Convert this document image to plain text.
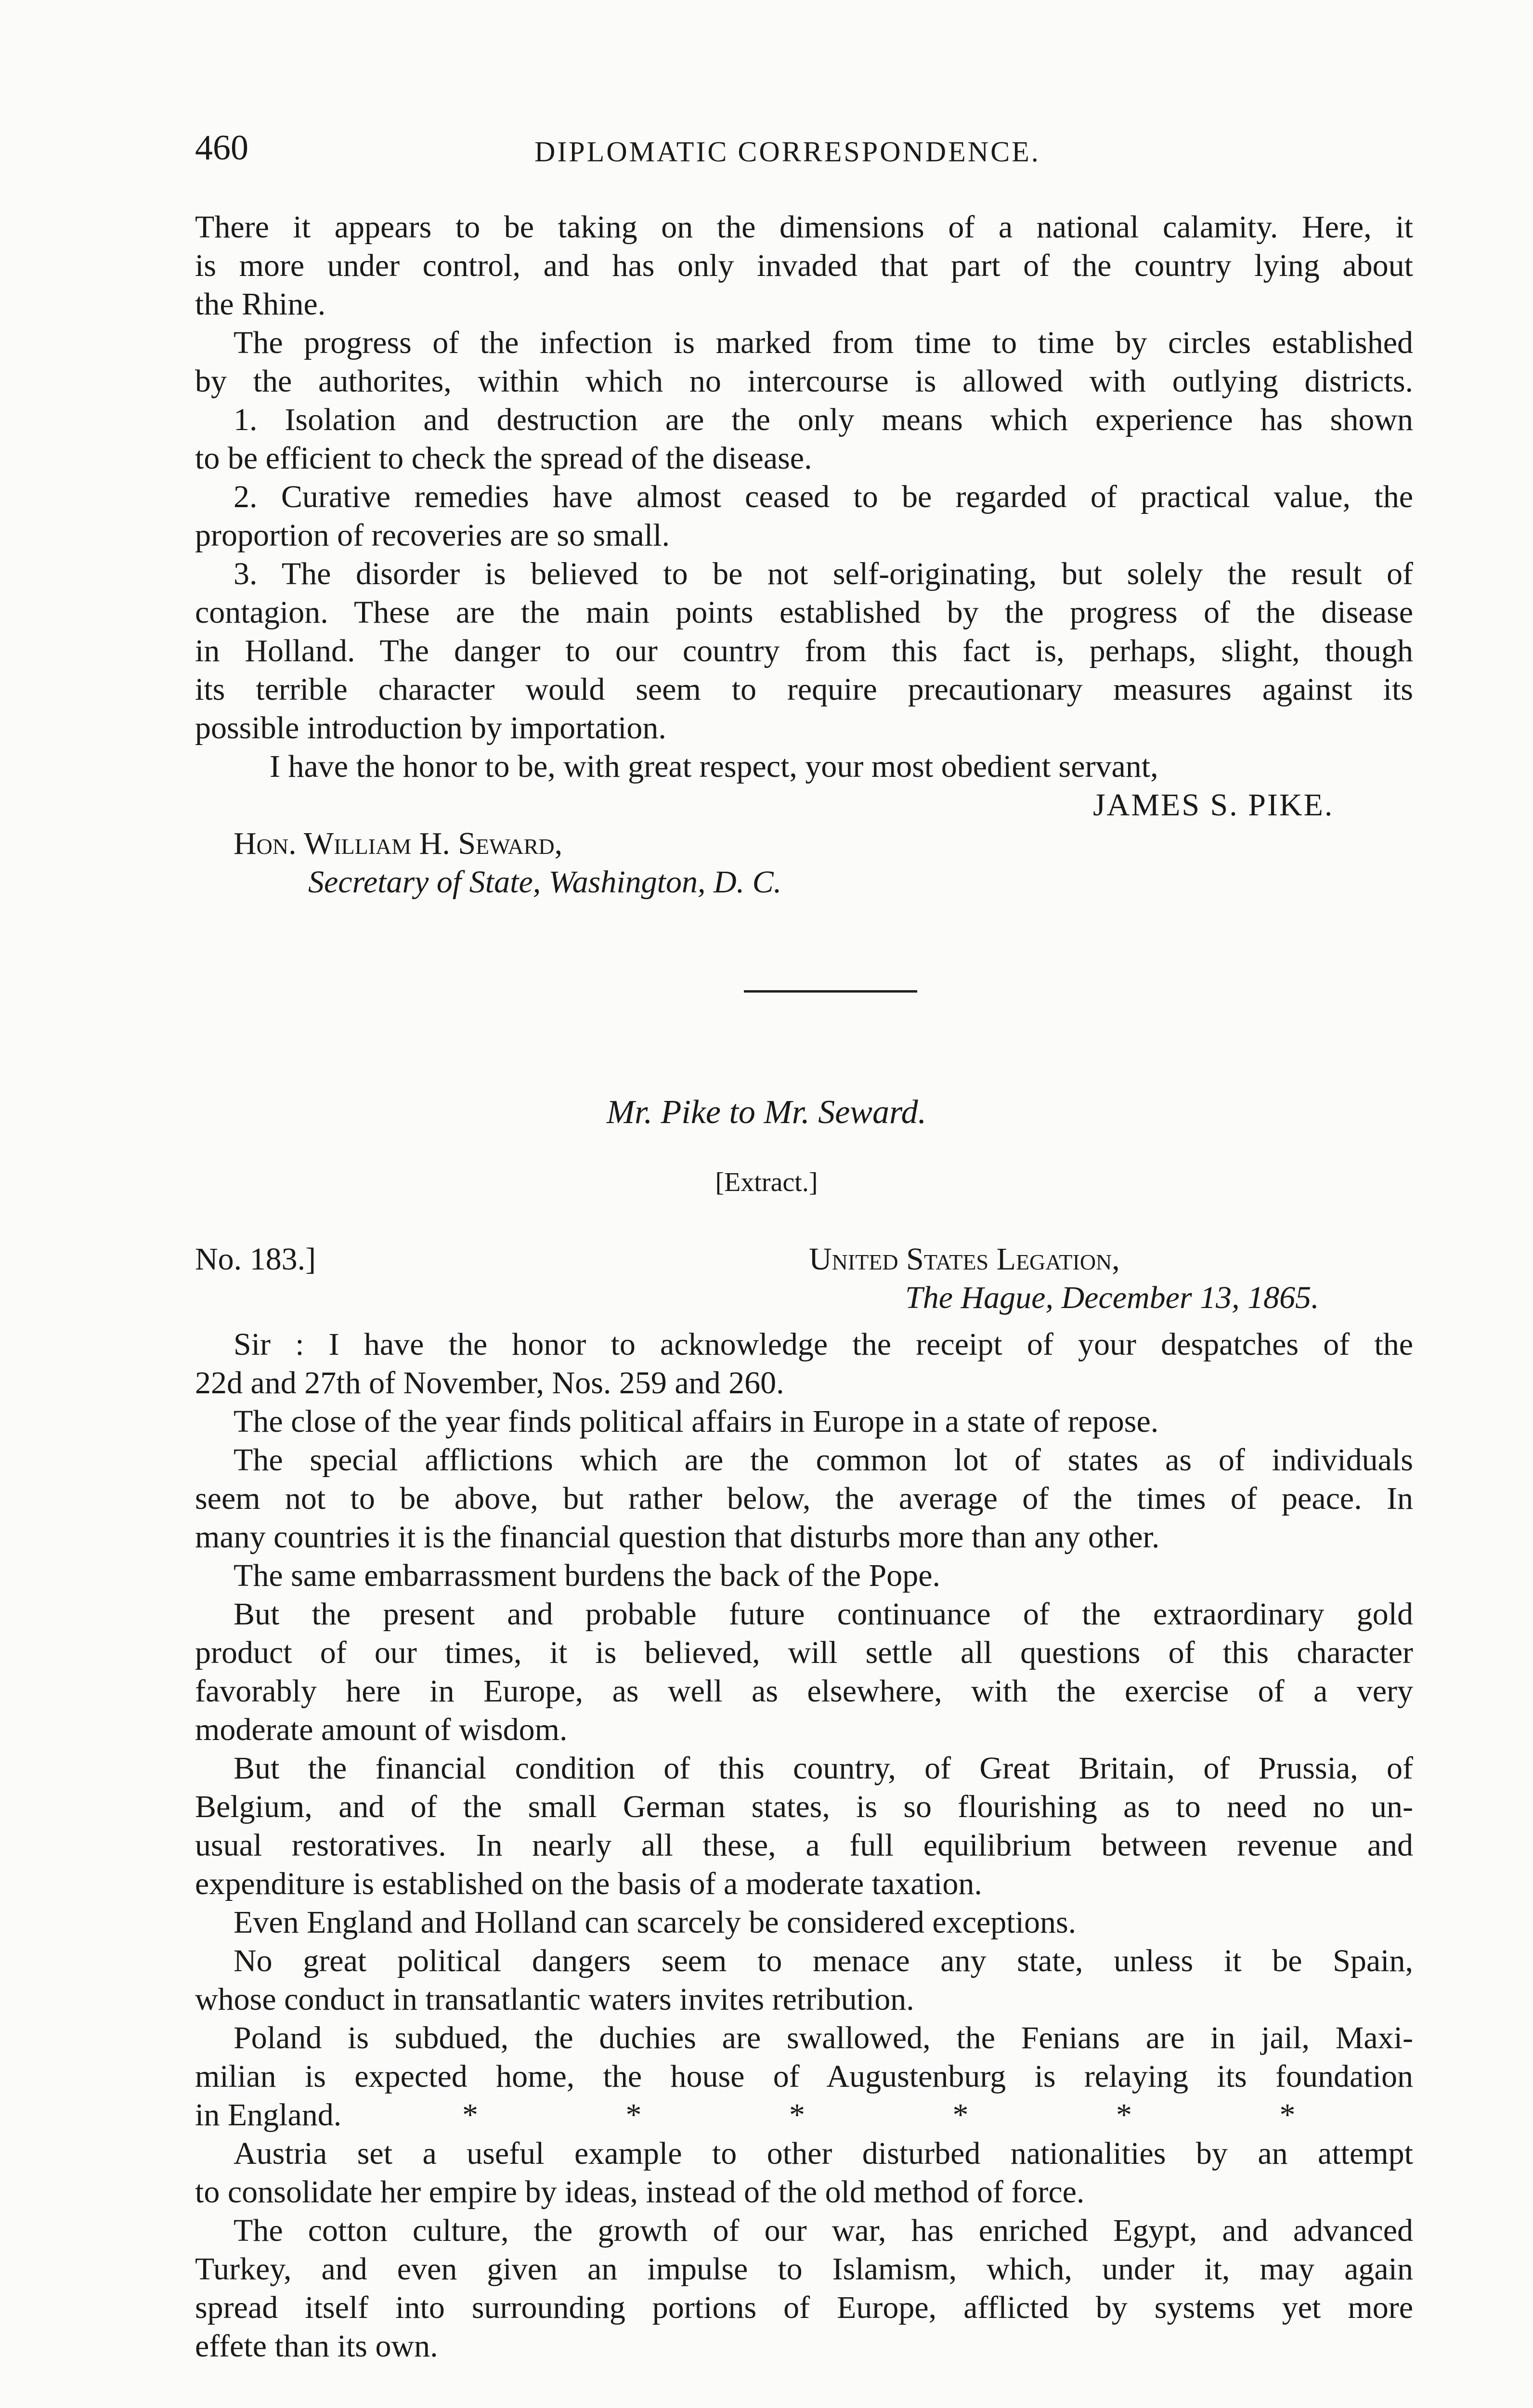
460	DIPLOMATIC CORRESPONDENCE.
There it appears to be taking on the dimensions of a national calamity. Here, it
is more under control, and has only invaded that part of the country lying about
the Rhine.
The progress of the infection is marked from time to time by circles established
by the authorites, within which no intercourse is allowed with outlying districts.
1. Isolation and destruction are the only means which experience has shown
to be efficient to check the spread of the disease.
2. Curative remedies have almost ceased to be regarded of practical value, the
proportion of recoveries are so small.
3. The disorder is believed to be not self-originating, but solely the result of
contagion. These are the main points established by the progress of the disease
in Holland. The danger to our country from this fact is, perhaps, slight, though
its terrible character would seem to require precautionary measures against its
possible introduction by importation.
I have the honor to be, with great respect, your most obedient servant,
JAMES S. PIKE.
Hon. William H. Seward,
Secretary of State, Washington, D. C.
Mr. Pike to Mr. Seward.
[Extract.]
No. 183.]	United States Legation,
The Hague, December 13, 1865.
Sir : I have the honor to acknowledge the receipt of your despatches of the
22d and 27th of November, Nos. 259 and 260.
The close of the year finds political affairs in Europe in a state of repose.
The special afflictions which are the common lot of states as of individuals
seem not to be above, but rather below, the average of the times of peace. In
many countries it is the financial question that disturbs more than any other.
The same embarrassment burdens the back of the Pope.
But the present and probable future continuance of the extraordinary gold
product of our times, it is believed, will settle all questions of this character
favorably here in Europe, as well as elsewhere, with the exercise of a very
moderate amount of wisdom.
But the financial condition of this country, of Great Britain, of Prussia, of
Belgium, and of the small German states, is so flourishing as to need no un-
usual restoratives. In nearly all these, a full equilibrium between revenue and
expenditure is established on the basis of a moderate taxation.
Even England and Holland can scarcely be considered exceptions.
No great political dangers seem to menace any state, unless it be Spain,
whose conduct in transatlantic waters invites retribution.
Poland is subdued, the duchies are swallowed, the Fenians are in jail, Maxi-
milian is expected home, the house of Augustenburg is relaying its foundation
in England.	* * * * * *
Austria set a useful example to other disturbed nationalities by an attempt
to consolidate her empire by ideas, instead of the old method of force.
The cotton culture, the growth of our war, has enriched Egypt, and advanced
Turkey, and even given an impulse to Islamism, which, under it, may again
spread itself into surrounding portions of Europe, afflicted by systems yet more
effete than its own.
